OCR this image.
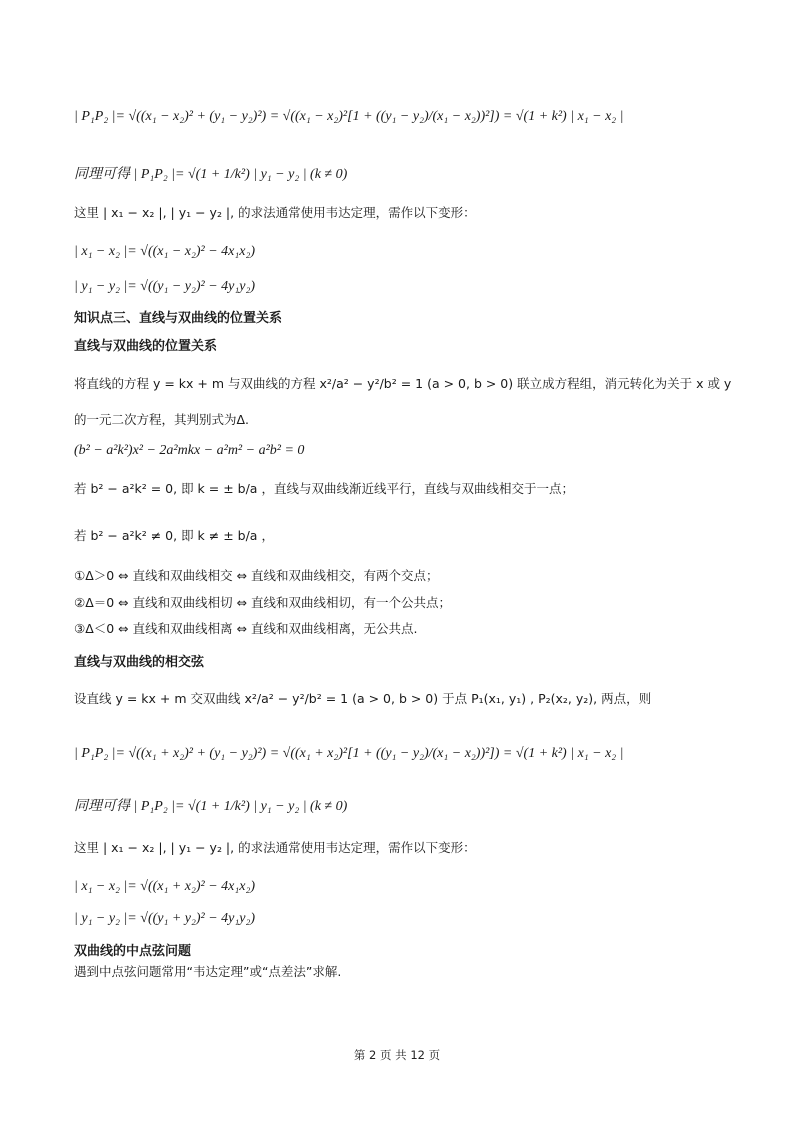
| P₁P₂ |= √((x₁ − x₂)² + (y₁ − y₂)²) = √((x₁ − x₂)²[1 + ((y₁ − y₂)/(x₁ − x₂))²]) = √(1 + k²) | x₁ − x₂ |
同理可得 | P₁P₂ |= √(1 + 1/k²) | y₁ − y₂ | (k ≠ 0)
这里 | x₁ − x₂ |, | y₁ − y₂ |, 的求法通常使用韦达定理，需作以下变形：
| x₁ − x₂ |= √((x₁ − x₂)² − 4x₁x₂)
| y₁ − y₂ |= √((y₁ − y₂)² − 4y₁y₂)
知识点三、直线与双曲线的位置关系
直线与双曲线的位置关系
将直线的方程 y = kx + m 与双曲线的方程 x²/a² − y²/b² = 1 (a > 0, b > 0) 联立成方程组，消元转化为关于 x 或 y
的一元二次方程，其判别式为Δ.
(b² − a²k²)x² − 2a²mkx − a²m² − a²b² = 0
若 b² − a²k² = 0, 即 k = ± b/a ，直线与双曲线渐近线平行，直线与双曲线相交于一点；
若 b² − a²k² ≠ 0, 即 k ≠ ± b/a ，
①Δ＞0 ⇔ 直线和双曲线相交 ⇔ 直线和双曲线相交，有两个交点；
②Δ＝0 ⇔ 直线和双曲线相切 ⇔ 直线和双曲线相切，有一个公共点；
③Δ＜0 ⇔ 直线和双曲线相离 ⇔ 直线和双曲线相离，无公共点.
直线与双曲线的相交弦
设直线 y = kx + m 交双曲线 x²/a² − y²/b² = 1 (a > 0, b > 0) 于点 P₁(x₁, y₁) , P₂(x₂, y₂), 两点，则
| P₁P₂ |= √((x₁ + x₂)² + (y₁ − y₂)²) = √((x₁ + x₂)²[1 + ((y₁ − y₂)/(x₁ − x₂))²]) = √(1 + k²) | x₁ − x₂ |
同理可得 | P₁P₂ |= √(1 + 1/k²) | y₁ − y₂ | (k ≠ 0)
这里 | x₁ − x₂ |, | y₁ − y₂ |, 的求法通常使用韦达定理，需作以下变形：
| x₁ − x₂ |= √((x₁ + x₂)² − 4x₁x₂)
| y₁ − y₂ |= √((y₁ + y₂)² − 4y₁y₂)
双曲线的中点弦问题
遇到中点弦问题常用“韦达定理”或“点差法”求解.
第 2 页 共 12 页
